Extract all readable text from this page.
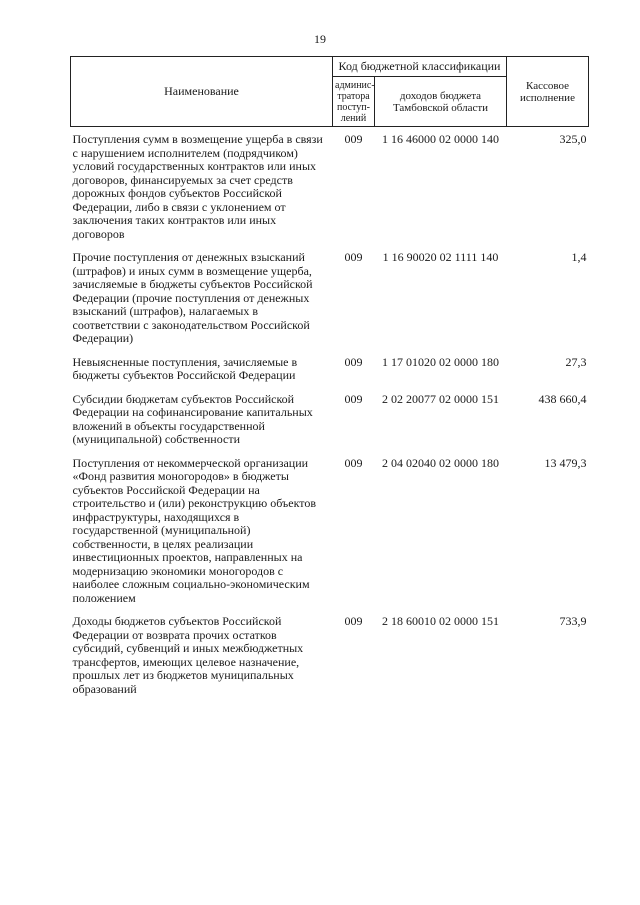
19
Наименование	Код бюджетной классификации		Кассовое исполнение
	админис-тратора поступ-лений	доходов бюджета Тамбовской области	
Поступления сумм в возмещение ущерба в связи с нарушением исполнителем (подрядчиком) условий государственных контрактов или иных договоров, финансируемых за счет средств дорожных фондов субъектов Российской Федерации, либо в связи с уклонением от заключения таких контрактов или иных договоров	009	1 16 46000 02 0000 140	325,0
Прочие поступления от денежных взысканий (штрафов) и иных сумм в возмещение ущерба, зачисляемые в бюджеты субъектов Российской Федерации (прочие поступления от денежных взысканий (штрафов), налагаемых в соответствии с законодательством Российской Федерации)	009	1 16 90020 02 1111 140	1,4
Невыясненные поступления, зачисляемые в бюджеты субъектов Российской Федерации	009	1 17 01020 02 0000 180	27,3
Субсидии бюджетам субъектов Российской Федерации на софинансирование капитальных вложений в объекты государственной (муниципальной) собственности	009	2 02 20077 02 0000 151	438 660,4
Поступления от некоммерческой организации «Фонд развития моногородов» в бюджеты субъектов Российской Федерации на строительство и (или) реконструкцию объектов инфраструктуры, находящихся в государственной (муниципальной) собственности, в целях реализации инвестиционных проектов, направленных на модернизацию экономики моногородов с наиболее сложным социально-экономическим положением	009	2 04 02040 02 0000 180	13 479,3
Доходы бюджетов субъектов Российской Федерации от возврата прочих остатков субсидий, субвенций и иных межбюджетных трансфертов, имеющих целевое назначение, прошлых лет из бюджетов муниципальных образований	009	2 18 60010 02 0000 151	733,9
